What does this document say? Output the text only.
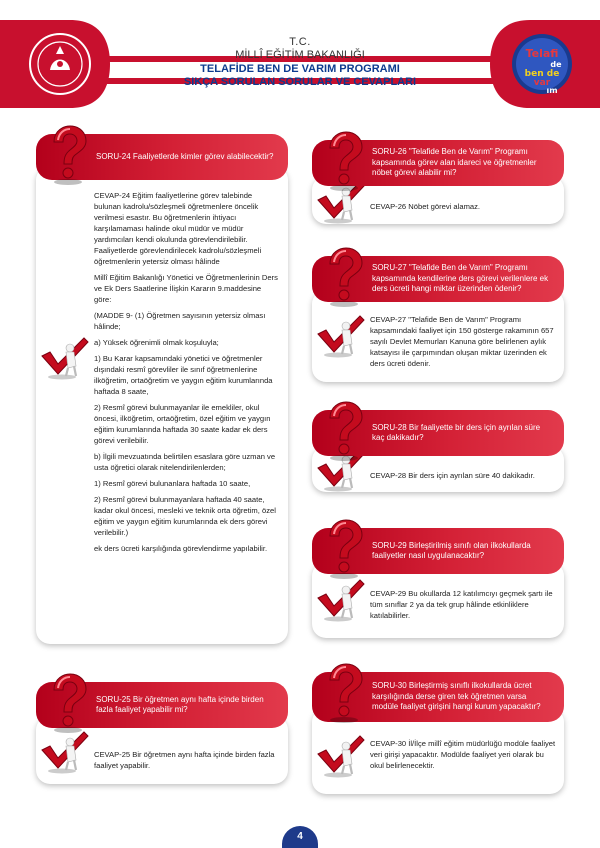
Telafi
de
ben de
var
ım
T.C.
MİLLÎ EĞİTİM BAKANLIĞI
TELAFİDE BEN DE VARIM PROGRAMI
SIKÇA SORULAN SORULAR VE CEVAPLARI

CEVAP-24 Eğitim faaliyetlerine görev talebinde bulunan kadrolu/sözleşmeli öğretmenlere öncelik verilmesi esastır. Bu öğretmenlerin ihtiyacı karşılamaması halinde okul müdür ve müdür yardımcıları kendi okulunda görevlendirilebilir. Faaliyetlerde görevlendirilecek kadrolu/sözleşmeli öğretmenlerin yetersiz olması hâlinde

Millî Eğitim Bakanlığı Yönetici ve Öğretmenlerinin Ders ve Ek Ders Saatlerine İlişkin Kararın 9.maddesine göre:

(MADDE 9- (1) Öğretmen sayısının yetersiz olması hâlinde;

a) Yüksek öğrenimli olmak koşuluyla;

1) Bu Karar kapsamındaki yönetici ve öğretmenler dışındaki resmî görevliler ile sınıf öğretmenlerine ilköğretim, ortaöğretim ve yaygın eğitim kurumlarında haftada 8 saate,

2) Resmî görevi bulunmayanlar ile emekliler, okul öncesi, ilköğretim, ortaöğretim, özel eğitim ve yaygın eğitim kurumlarında haftada 30 saate kadar ek ders görevi verilebilir.

b) İlgili mevzuatında belirtilen esaslara göre uzman ve usta öğretici olarak nitelendirilenlerden;

1) Resmî görevi bulunanlara haftada 10 saate,

2) Resmî görevi bulunmayanlara haftada 40 saate, kadar okul öncesi, mesleki ve teknik orta öğretim, özel eğitim ve yaygın eğitim kurumlarında ek ders görevi verilebilir.)

ek ders ücreti karşılığında görevlendirme yapılabilir.

SORU-24 Faaliyetlerde kimler görev alabilecektir?
CEVAP-25 Bir öğretmen aynı hafta içinde birden fazla faaliyet yapabilir.
SORU-25 Bir öğretmen aynı hafta içinde birden fazla faaliyet yapabilir mi?
CEVAP-26 Nöbet görevi alamaz.
SORU-26 "Telafide Ben de Varım" Programı kapsamında görev alan idareci ve öğretmenler nöbet görevi alabilir mi?
CEVAP-27 "Telafide Ben de Varım" Programı kapsamındaki faaliyet için 150 gösterge rakamının 657 sayılı Devlet Memurları Kanuna göre belirlenen aylık katsayısı ile çarpımından oluşan miktar üzerinden ek ders ücreti ödenir.
SORU-27 "Telafide Ben de Varım" Programı kapsamında kendilerine ders görevi verilenlere ek ders ücreti hangi miktar üzerinden ödenir?
CEVAP-28 Bir ders için ayrılan süre 40 dakikadır.
SORU-28 Bir faaliyette bir ders için ayrılan süre kaç dakikadır?
CEVAP-29 Bu okullarda 12 katılımcıyı geçmek şartı ile tüm sınıflar 2 ya da tek grup hâlinde etkinliklere katılabilirler.
SORU-29 Birleştirilmiş sınıfı olan ilkokullarda faaliyetler nasıl uygulanacaktır?
CEVAP-30 İl/İlçe millî eğitim müdürlüğü modüle faaliyet veri girişi yapacaktır. Modülde faaliyet yeri olarak bu okul belirlenecektir.
SORU-30 Birleştirmiş sınıflı ilkokullarda ücret karşılığında derse giren tek öğretmen varsa modüle faaliyet girişini hangi kurum yapacaktır?
4
